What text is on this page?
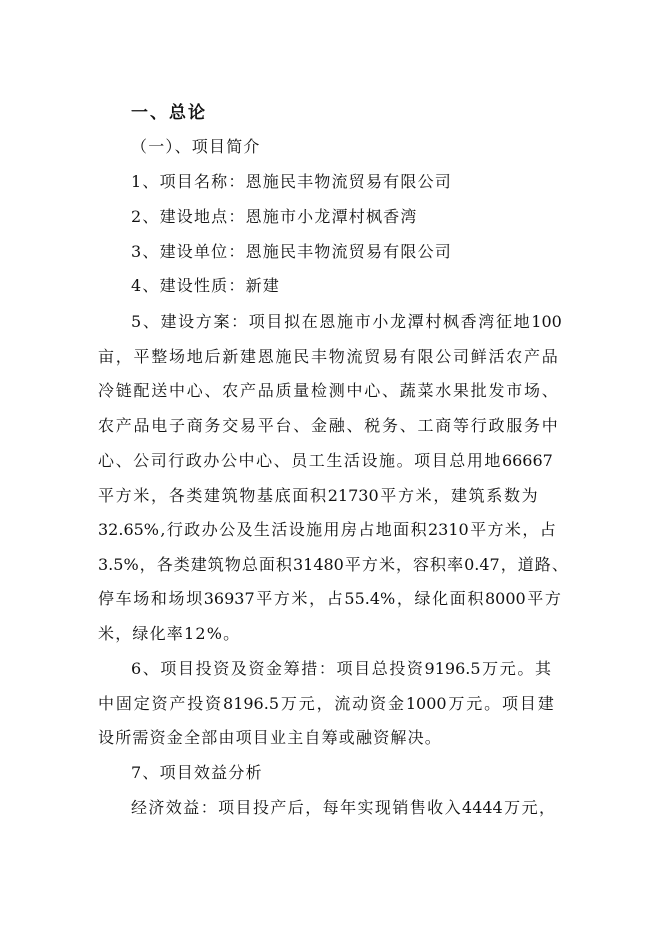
一、总论
（一）、项目简介
1、项目名称：恩施民丰物流贸易有限公司
2、建设地点：恩施市小龙潭村枫香湾
3、建设单位：恩施民丰物流贸易有限公司
4、建设性质：新建
5 、 建 设 方 案 ： 项 目 拟 在 恩 施 市 小 龙 潭 村 枫 香 湾 征 地 100
亩 ， 平 整 场 地 后 新 建 恩 施 民 丰 物 流 贸 易 有 限 公 司 鲜 活 农 产 品
冷 链 配 送 中 心 、 农 产 品 质 量 检 测 中 心 、 蔬 菜 水 果 批 发 市 场 、
农 产 品 电 子 商 务 交 易 平 台 、 金 融 、 税 务 、 工 商 等 行 政 服 务 中
心 、 公 司 行 政 办 公 中 心 、 员 工 生 活 设 施 。 项 目 总 用 地 66667
平 方 米 ， 各 类 建 筑 物 基 底 面 积 21730 平 方 米 ， 建 筑 系 数 为
32.65% , 行 政 办 公 及 生 活 设 施 用 房 占 地 面 积 2310 平 方 米 ， 占
3.5% ， 各 类 建 筑 物 总 面 积 31480 平 方 米 ， 容 积 率 0.47 ， 道 路 、
停 车 场 和 场 坝 36937 平 方 米 ， 占 55.4% ， 绿 化 面 积 8000 平 方
米，绿化率12%。
6 、 项 目 投 资 及 资 金 筹 措 ： 项 目 总 投 资 9196.5 万 元 。 其
中 固 定 资 产 投 资 8196.5 万 元 ， 流 动 资 金 1000 万 元 。 项 目 建
设所需资金全部由项目业主自筹或融资解决。
7、项目效益分析
经 济 效 益 ： 项 目 投 产 后 ， 每 年 实 现 销 售 收 入 4444 万 元 ，
